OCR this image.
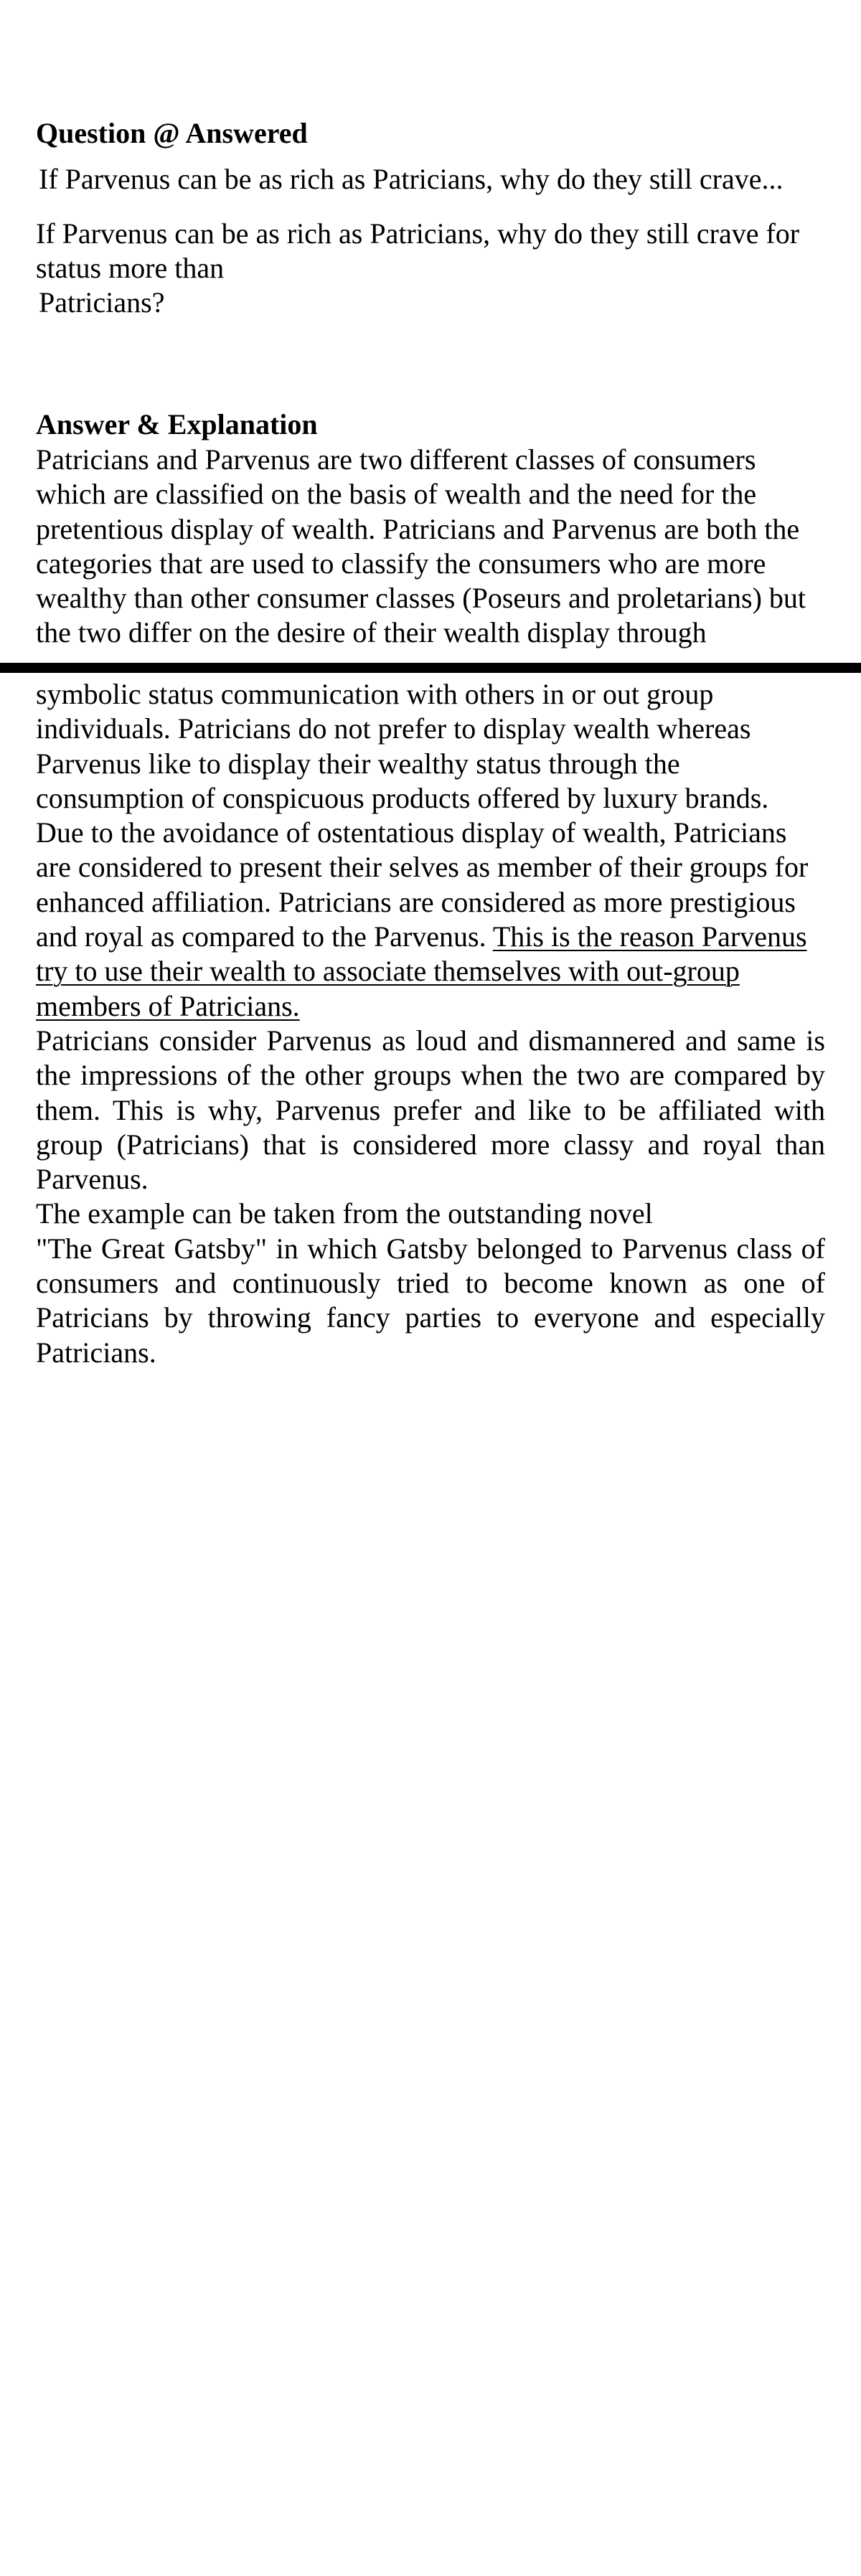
Question @ Answered
If Parvenus can be as rich as Patricians, why do they still crave...
If Parvenus can be as rich as Patricians, why do they still crave for
status more than
Patricians?
Answer & Explanation
Patricians and Parvenus are two different classes of consumers
which are classified on the basis of wealth and the need for the
pretentious display of wealth. Patricians and Parvenus are both the
categories that are used to classify the consumers who are more
wealthy than other consumer classes (Poseurs and proletarians) but
the two differ on the desire of their wealth display through
symbolic status communication with others in or out group
individuals. Patricians do not prefer to display wealth whereas
Parvenus like to display their wealthy status through the
consumption of conspicuous products offered by luxury brands.
Due to the avoidance of ostentatious display of wealth, Patricians
are considered to present their selves as member of their groups for
enhanced affiliation. Patricians are considered as more prestigious
and royal as compared to the Parvenus. This is the reason Parvenus
try to use their wealth to associate themselves with out-group
members of Patricians.
Patricians consider Parvenus as loud and dismannered and same is
the impressions of the other groups when the two are compared by
them. This is why, Parvenus prefer and like to be affiliated with
group (Patricians) that is considered more classy and royal than
Parvenus.
The example can be taken from the outstanding novel
"The Great Gatsby" in which Gatsby belonged to Parvenus class of
consumers and continuously tried to become known as one of
Patricians by throwing fancy parties to everyone and especially
Patricians.
